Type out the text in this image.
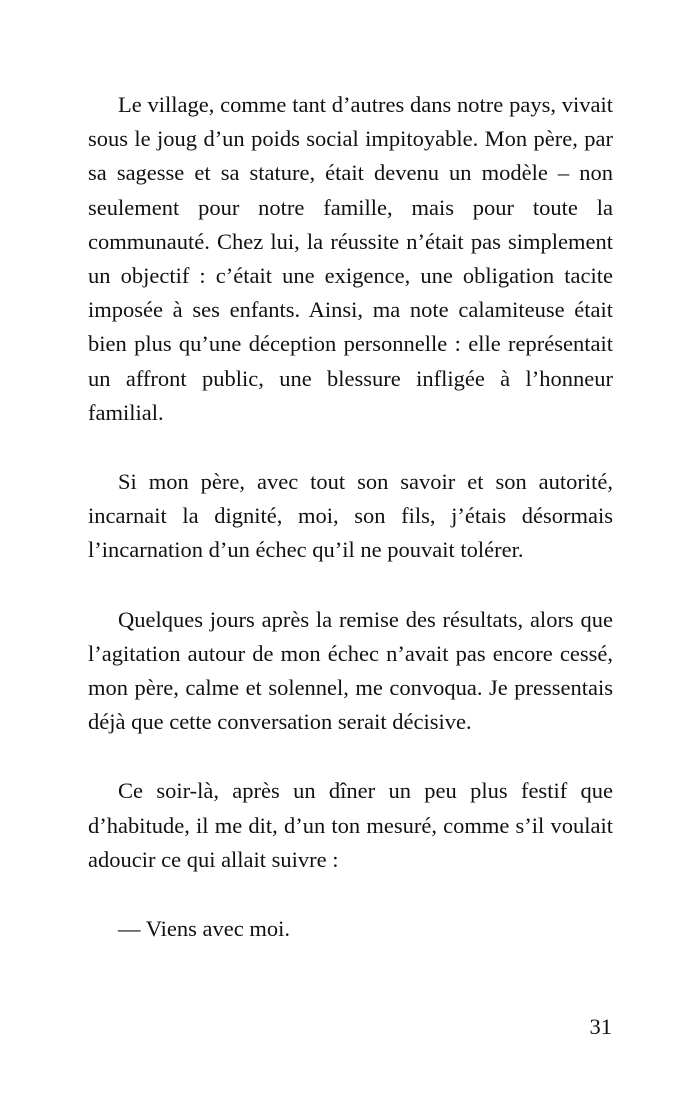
Le village, comme tant d’autres dans notre pays, vivait sous le joug d’un poids social impitoyable. Mon père, par sa sagesse et sa stature, était devenu un modèle – non seulement pour notre famille, mais pour toute la communauté. Chez lui, la réussite n’était pas simplement un objectif : c’était une exigence, une obligation tacite imposée à ses enfants. Ainsi, ma note calamiteuse était bien plus qu’une déception personnelle : elle représentait un affront public, une blessure infligée à l’honneur familial.

Si mon père, avec tout son savoir et son autorité, incarnait la dignité, moi, son fils, j’étais désormais l’incarnation d’un échec qu’il ne pouvait tolérer.

Quelques jours après la remise des résultats, alors que l’agitation autour de mon échec n’avait pas encore cessé, mon père, calme et solennel, me convoqua. Je pressentais déjà que cette conversation serait décisive.

Ce soir-là, après un dîner un peu plus festif que d’habitude, il me dit, d’un ton mesuré, comme s’il voulait adoucir ce qui allait suivre :

— Viens avec moi.

31
